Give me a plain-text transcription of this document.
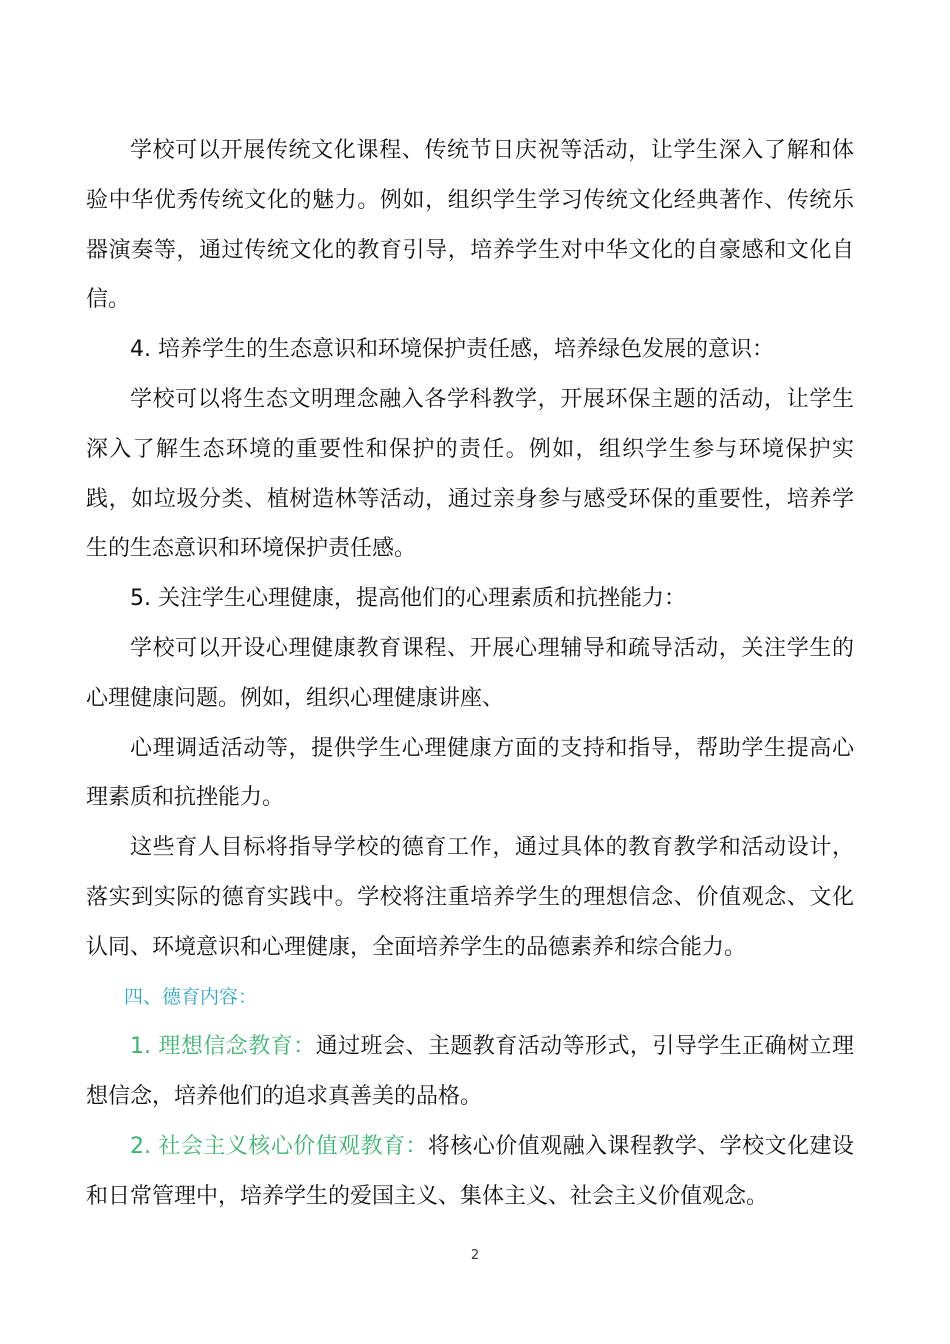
学校可以开展传统文化课程、传统节日庆祝等活动，让学生深入了解和体验中华优秀传统文化的魅力。例如，组织学生学习传统文化经典著作、传统乐器演奏等，通过传统文化的教育引导，培养学生对中华文化的自豪感和文化自信。

4. 培养学生的生态意识和环境保护责任感，培养绿色发展的意识：

学校可以将生态文明理念融入各学科教学，开展环保主题的活动，让学生深入了解生态环境的重要性和保护的责任。例如，组织学生参与环境保护实践，如垃圾分类、植树造林等活动，通过亲身参与感受环保的重要性，培养学生的生态意识和环境保护责任感。

5. 关注学生心理健康，提高他们的心理素质和抗挫能力：

学校可以开设心理健康教育课程、开展心理辅导和疏导活动，关注学生的心理健康问题。例如，组织心理健康讲座、

心理调适活动等，提供学生心理健康方面的支持和指导，帮助学生提高心理素质和抗挫能力。

这些育人目标将指导学校的德育工作，通过具体的教育教学和活动设计，落实到实际的德育实践中。学校将注重培养学生的理想信念、价值观念、文化认同、环境意识和心理健康，全面培养学生的品德素养和综合能力。

四、德育内容：

1. 理想信念教育：通过班会、主题教育活动等形式，引导学生正确树立理想信念，培养他们的追求真善美的品格。

2. 社会主义核心价值观教育：将核心价值观融入课程教学、学校文化建设和日常管理中，培养学生的爱国主义、集体主义、社会主义价值观念。

2
